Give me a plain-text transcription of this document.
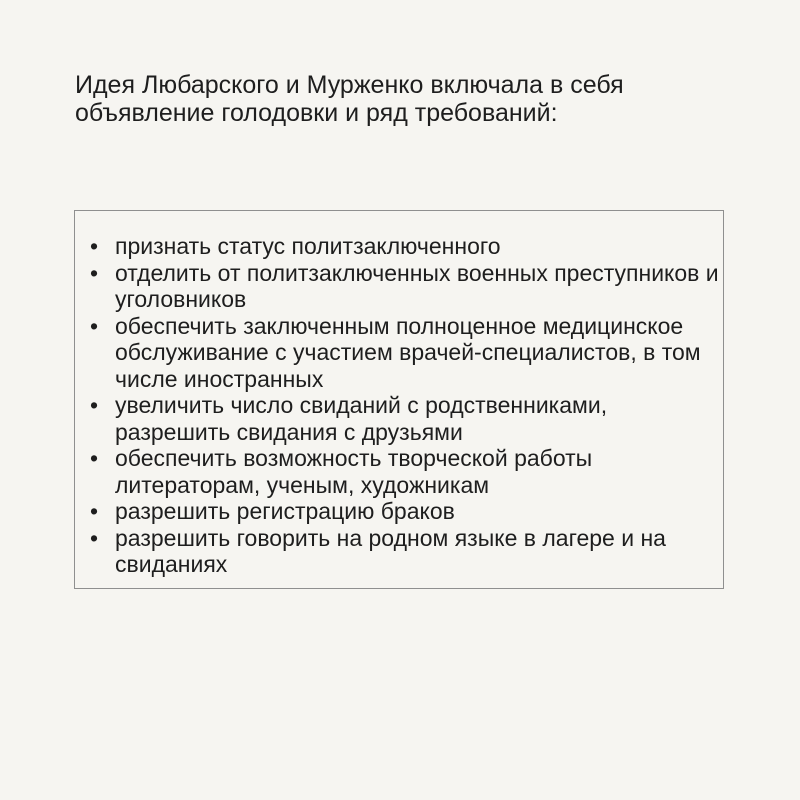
Идея Любарского и Мурженко включала в себя объявление голодовки и ряд требований:

• признать статус политзаключенного
• отделить от политзаключенных военных преступников и уголовников
• обеспечить заключенным полноценное медицинское обслуживание с участием врачей-специалистов, в том числе иностранных
• увеличить число свиданий с родственниками, разрешить свидания с друзьями
• обеспечить возможность творческой работы литераторам, ученым, художникам
• разрешить регистрацию браков
• разрешить говорить на родном языке в лагере и на свиданиях
